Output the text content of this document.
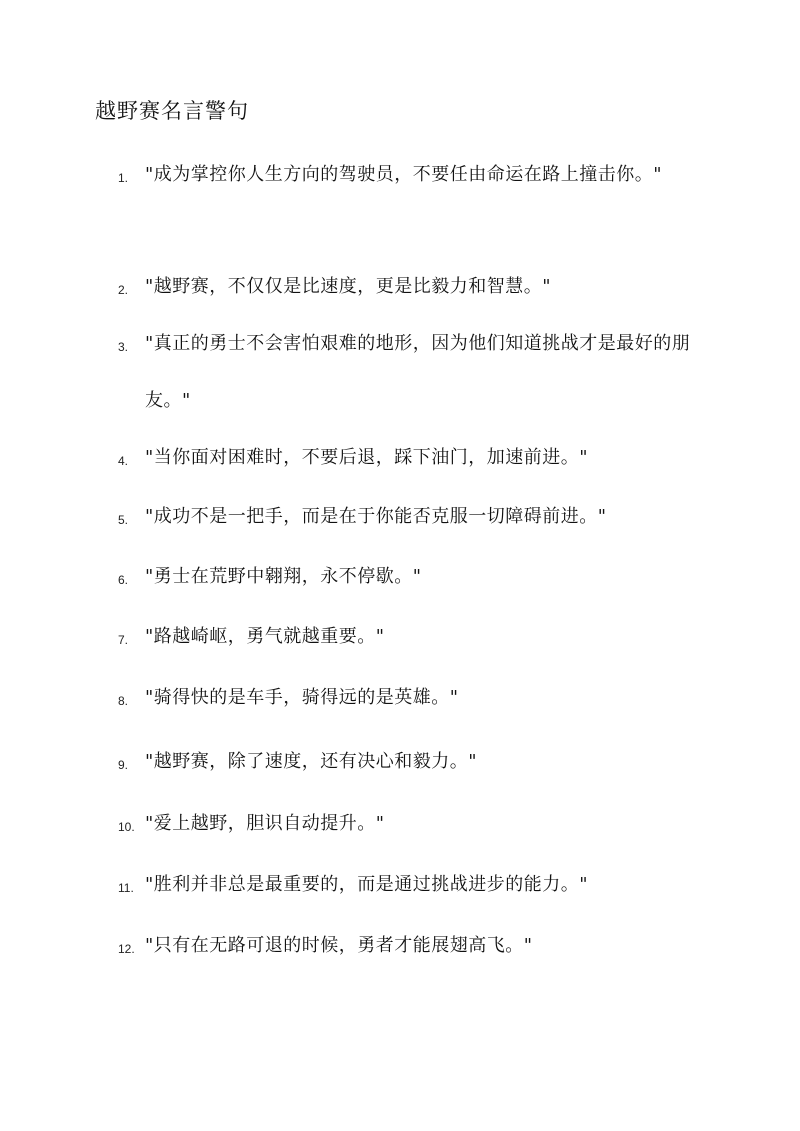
越野赛名言警句
1. "成为掌控你人生方向的驾驶员，不要任由命运在路上撞击你。"
2. "越野赛，不仅仅是比速度，更是比毅力和智慧。"
3. "真正的勇士不会害怕艰难的地形，因为他们知道挑战才是最好的朋友。"
4. "当你面对困难时，不要后退，踩下油门，加速前进。"
5. "成功不是一把手，而是在于你能否克服一切障碍前进。"
6. "勇士在荒野中翱翔，永不停歇。"
7. "路越崎岖，勇气就越重要。"
8. "骑得快的是车手，骑得远的是英雄。"
9. "越野赛，除了速度，还有决心和毅力。"
10. "爱上越野，胆识自动提升。"
11. "胜利并非总是最重要的，而是通过挑战进步的能力。"
12. "只有在无路可退的时候，勇者才能展翅高飞。"
